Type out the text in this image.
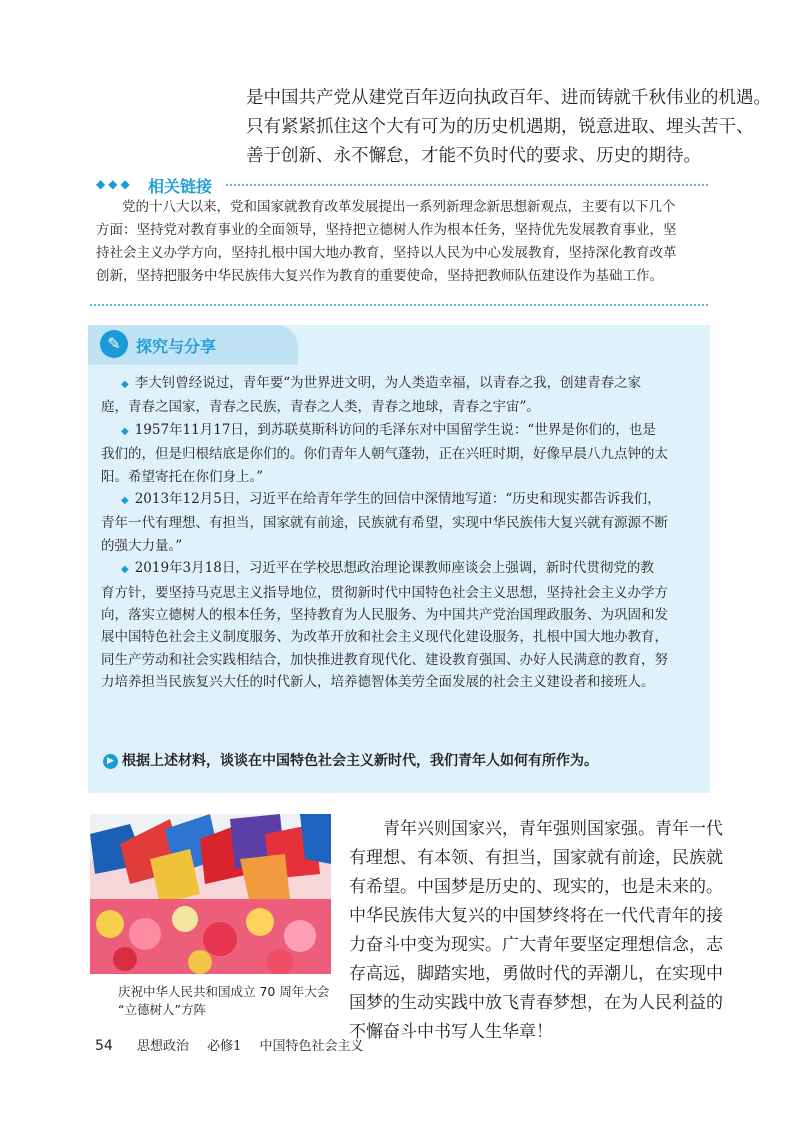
是中国共产党从建党百年迈向执政百年、进而铸就千秋伟业的机遇。

只有紧紧抓住这个大有可为的历史机遇期，锐意进取、埋头苦干、

善于创新、永不懈怠，才能不负时代的要求、历史的期待。

◆◆◆ 相关链接

党的十八大以来，党和国家就教育改革发展提出一系列新理念新思想新观点，主要有以下几个

方面：坚持党对教育事业的全面领导，坚持把立德树人作为根本任务，坚持优先发展教育事业，坚

持社会主义办学方向，坚持扎根中国大地办教育，坚持以人民为中心发展教育，坚持深化教育改革

创新，坚持把服务中华民族伟大复兴作为教育的重要使命，坚持把教师队伍建设作为基础工作。

✎ 探究与分享

◆ 李大钊曾经说过，青年要“为世界进文明，为人类造幸福，以青春之我，创建青春之家

庭，青春之国家，青春之民族，青春之人类，青春之地球，青春之宇宙”。

◆ 1957年11月17日，到苏联莫斯科访问的毛泽东对中国留学生说：“世界是你们的，也是

我们的，但是归根结底是你们的。你们青年人朝气蓬勃，正在兴旺时期，好像早晨八九点钟的太

阳。希望寄托在你们身上。”

◆ 2013年12月5日，习近平在给青年学生的回信中深情地写道：“历史和现实都告诉我们，

青年一代有理想、有担当，国家就有前途，民族就有希望，实现中华民族伟大复兴就有源源不断

的强大力量。”

◆ 2019年3月18日，习近平在学校思想政治理论课教师座谈会上强调，新时代贯彻党的教

育方针，要坚持马克思主义指导地位，贯彻新时代中国特色社会主义思想，坚持社会主义办学方

向，落实立德树人的根本任务，坚持教育为人民服务、为中国共产党治国理政服务、为巩固和发

展中国特色社会主义制度服务、为改革开放和社会主义现代化建设服务，扎根中国大地办教育，

同生产劳动和社会实践相结合，加快推进教育现代化、建设教育强国、办好人民满意的教育，努

力培养担当民族复兴大任的时代新人，培养德智体美劳全面发展的社会主义建设者和接班人。

▶ 根据上述材料，谈谈在中国特色社会主义新时代，我们青年人如何有所作为。

庆祝中华人民共和国成立 70 周年大会

“立德树人”方阵

　　青年兴则国家兴，青年强则国家强。青年一代

有理想、有本领、有担当，国家就有前途，民族就

有希望。中国梦是历史的、现实的，也是未来的。

中华民族伟大复兴的中国梦终将在一代代青年的接

力奋斗中变为现实。广大青年要坚定理想信念，志

存高远，脚踏实地，勇做时代的弄潮儿，在实现中

国梦的生动实践中放飞青春梦想，在为人民利益的

不懈奋斗中书写人生华章！

54 思想政治 必修1 中国特色社会主义
